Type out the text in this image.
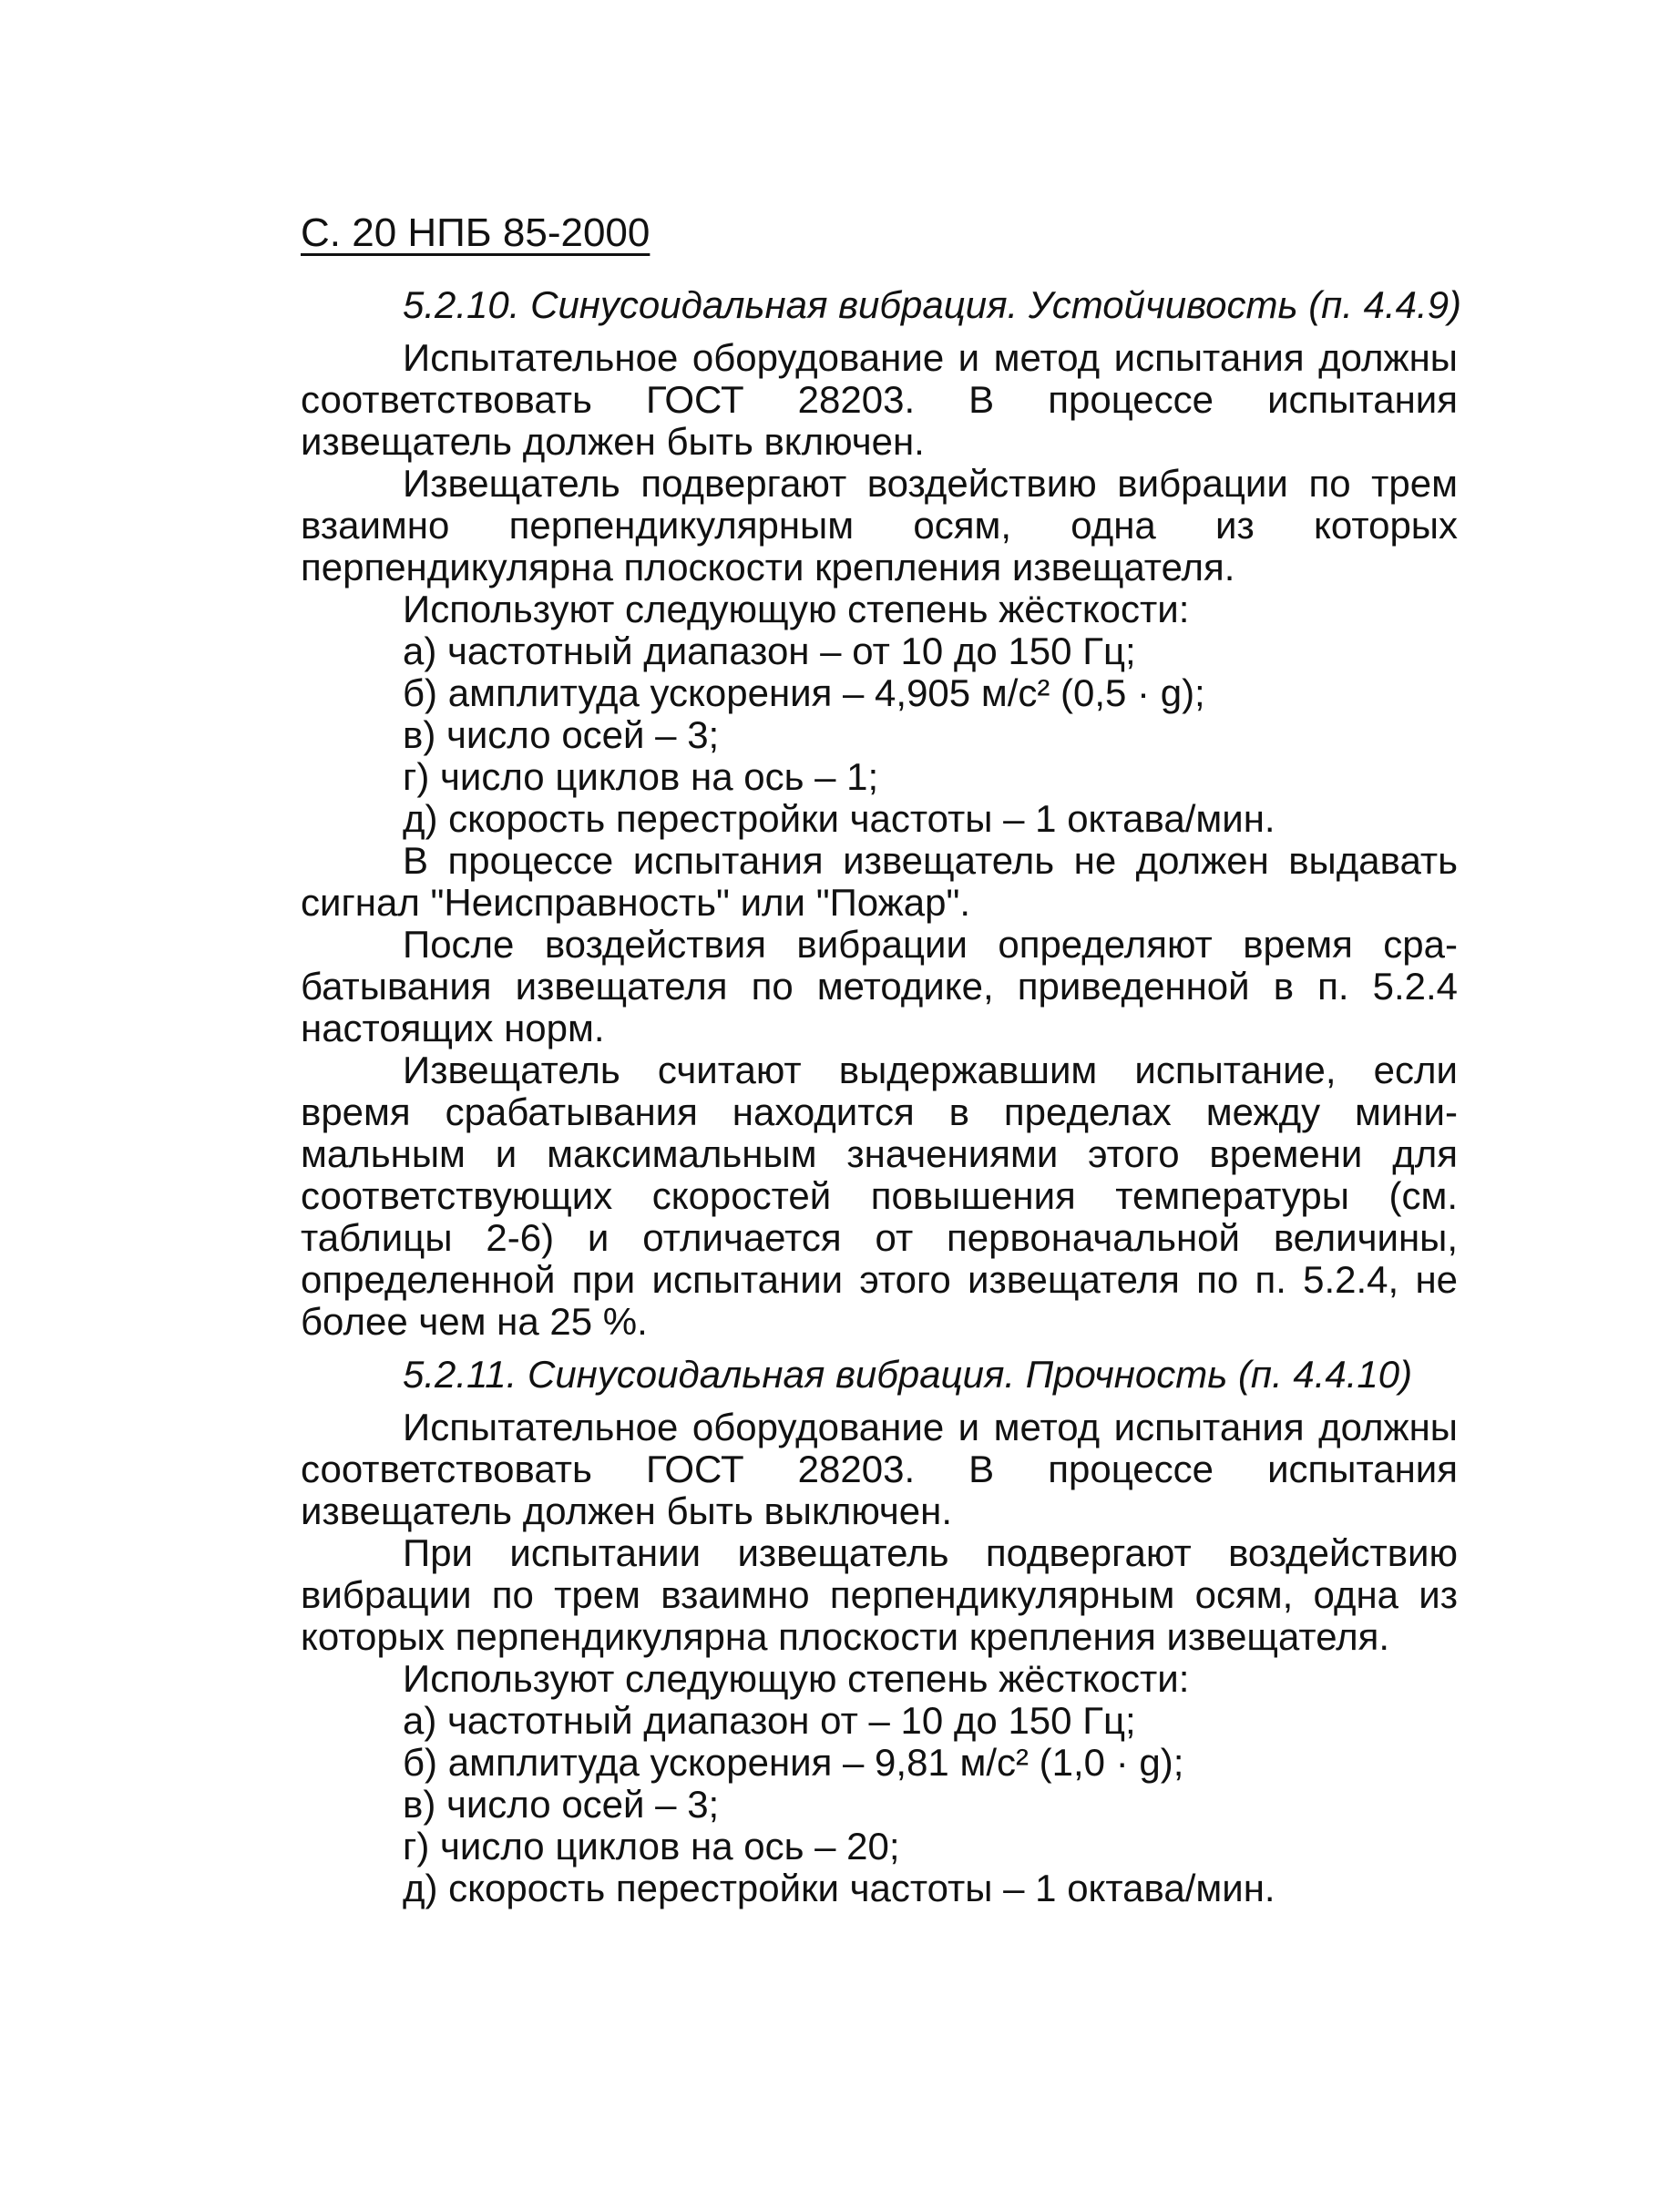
С. 20 НПБ 85-2000
5.2.10. Синусоидальная вибрация. Устойчивость (п. 4.4.9)

Испытательное оборудование и метод испытания должны соответствовать ГОСТ 28203. В процессе испытания извещатель должен быть включен.

Извещатель подвергают воздействию вибрации по трем взаимно перпендикулярным осям, одна из которых перпендикулярна плоскости крепления извещателя.

Используют следующую степень жёсткости:

а) частотный диапазон – от 10 до 150 Гц;
б) амплитуда ускорения – 4,905 м/с² (0,5 · g);
в) число осей – 3;
г) число циклов на ось – 1;
д) скорость перестройки частоты – 1 октава/мин.

В процессе испытания извещатель не должен выдавать сигнал "Неисправность" или "Пожар".

После воздействия вибрации определяют время срабатывания извещателя по методике, приведенной в п. 5.2.4 настоящих норм.

Извещатель считают выдержавшим испытание, если время срабатывания находится в пределах между минимальным и максимальным значениями этого времени для соответствующих скоростей повышения температуры (см. таблицы 2-6) и отличается от первоначальной величины, определенной при испытании этого извещателя по п. 5.2.4, не более чем на 25 %.

5.2.11. Синусоидальная вибрация. Прочность (п. 4.4.10)

Испытательное оборудование и метод испытания должны соответствовать ГОСТ 28203. В процессе испытания извещатель должен быть выключен.

При испытании извещатель подвергают воздействию вибрации по трем взаимно перпендикулярным осям, одна из которых перпендикулярна плоскости крепления извещателя.

Используют следующую степень жёсткости:

а) частотный диапазон от – 10 до 150 Гц;
б) амплитуда ускорения – 9,81 м/с² (1,0 · g);
в) число осей – 3;
г) число циклов на ось – 20;
д) скорость перестройки частоты – 1 октава/мин.
